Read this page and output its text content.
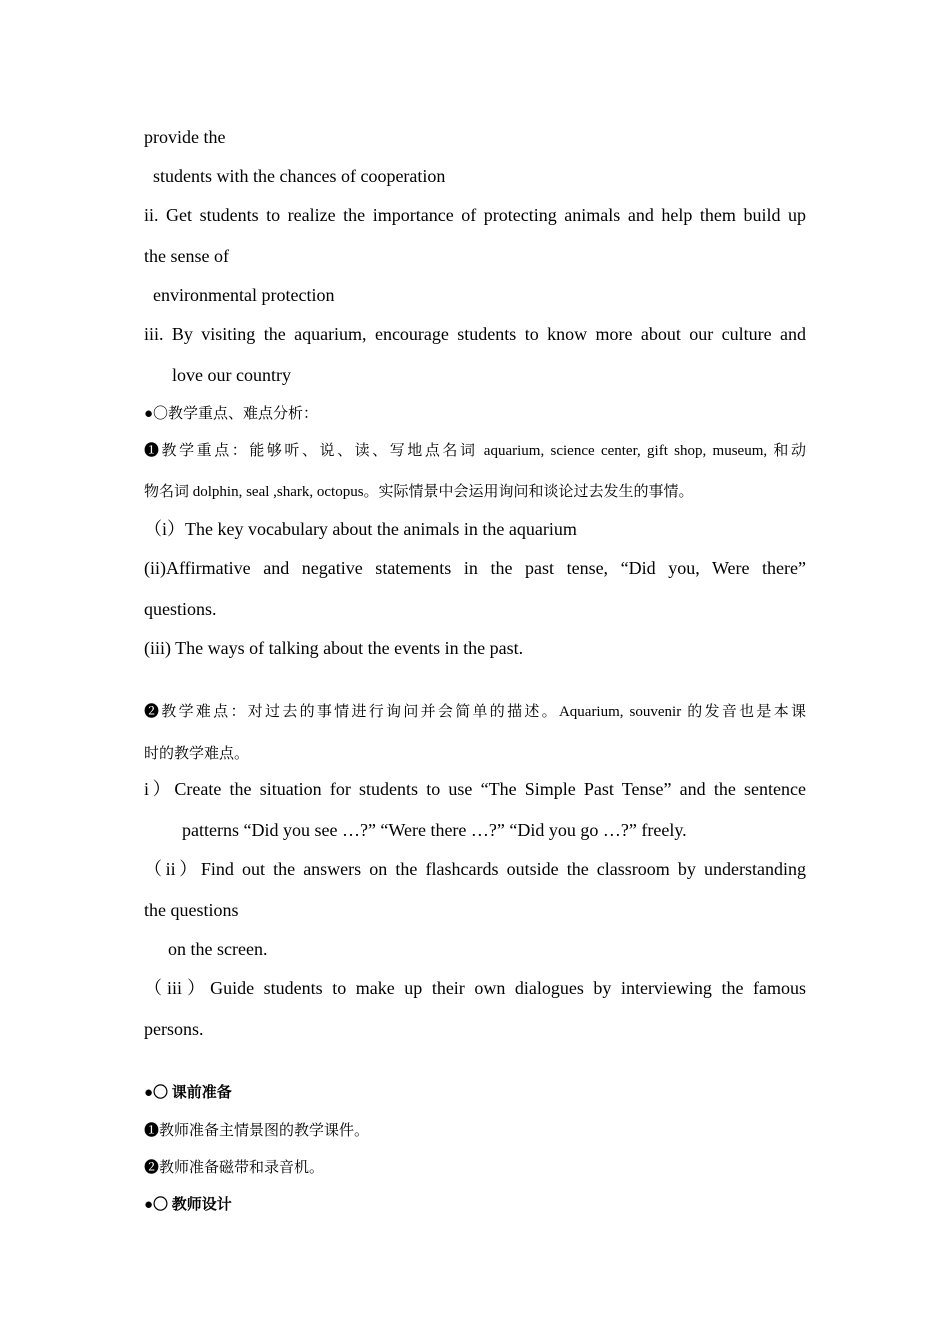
provide the
students with the chances of cooperation
ii. Get students to realize the importance of protecting animals and help them build up
the sense of
environmental protection
iii. By visiting the aquarium, encourage students to know more about our culture and
love our country
●〇教学重点、难点分析：
❶教学重点：能够听、说、读、写地点名词 aquarium, science center, gift shop, museum, 和动
物名词 dolphin, seal ,shark, octopus。实际情景中会运用询问和谈论过去发生的事情。
（i）The key vocabulary about the animals in the aquarium
(ii)Affirmative and negative statements in the past tense, “Did you, Were there”
questions.
(iii) The ways of talking about the events in the past.
❷教学难点：对过去的事情进行询问并会简单的描述。Aquarium, souvenir 的发音也是本课
时的教学难点。
i）Create the situation for students to use “The Simple Past Tense” and the sentence
patterns “Did you see …?” “Were there …?” “Did you go …?” freely.
（ii）Find out the answers on the flashcards outside the classroom by understanding
the questions
on the screen.
（iii）Guide students to make up their own dialogues by interviewing the famous
persons.
●〇 课前准备
❶教师准备主情景图的教学课件。
❷教师准备磁带和录音机。
●〇 教师设计
